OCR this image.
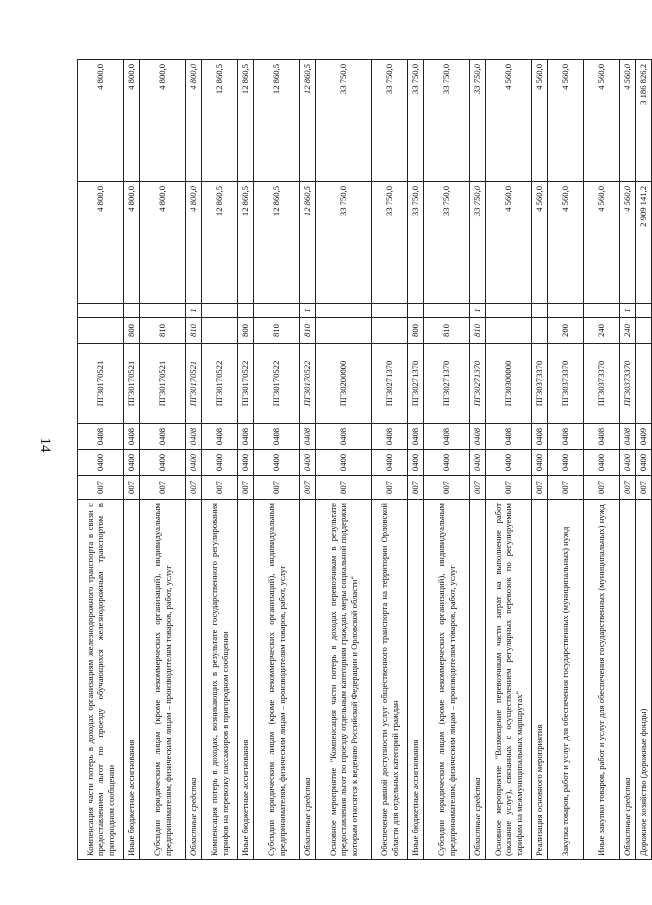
14
Компенсация части потерь в доходах организациям железнодорожного транспорта в связи с предоставлением льгот по проезду обучающихся железнодорожным транспортом в пригородном сообщении	007	0400	0408	ПГ30170521			4 800,0	4 800,0
Иные бюджетные ассигнования	007	0400	0408	ПГ30170521	800		4 800,0	4 800,0
Субсидии юридическим лицам (кроме некоммерческих организаций), индивидуальным предпринимателям, физическим лицам – производителям товаров, работ, услуг	007	0400	0408	ПГ30170521	810		4 800,0	4 800,0
Областные средства	007	0400	0408	ПГ30170521	810	1	4 800,0	4 800,0
Компенсация потерь в доходах, возникающих в результате государственного регулирования тарифов на перевозку пассажиров в пригородном сообщении	007	0400	0408	ПГ30170522			12 860,5	12 860,5
Иные бюджетные ассигнования	007	0400	0408	ПГ30170522	800		12 860,5	12 860,5
Субсидии юридическим лицам (кроме некоммерческих организаций), индивидуальным предпринимателям, физическим лицам – производителям товаров, работ, услуг	007	0400	0408	ПГ30170522	810		12 860,5	12 860,5
Областные средства	007	0400	0408	ПГ30170522	810	1	12 860,5	12 860,5
Основное мероприятие "Компенсация части потерь в доходах перевозчикам в результате предоставления льгот по проезду отдельным категориям граждан, меры социальной поддержки которым относятся к ведению Российской Федерации и Орловской области"	007	0400	0408	ПГ30200000			33 750,0	33 750,0
Обеспечение равной доступности услуг общественного транспорта на территории Орловской области для отдельных категорий граждан	007	0400	0408	ПГ30271370			33 750,0	33 750,0
Иные бюджетные ассигнования	007	0400	0408	ПГ30271370	800		33 750,0	33 750,0
Субсидии юридическим лицам (кроме некоммерческих организаций), индивидуальным предпринимателям, физическим лицам – производителям товаров, работ, услуг	007	0400	0408	ПГ30271370	810		33 750,0	33 750,0
Областные средства	007	0400	0408	ПГ30271370	810	1	33 750,0	33 750,0
Основное мероприятие "Возмещение перевозчикам части затрат на выполнение работ (оказание услуг), связанных с осуществлением регулярных перевозок по регулируемым тарифам на межмуниципальных маршрутах"	007	0400	0408	ПГ30300000			4 560,0	4 560,0
Реализация основного мероприятия	007	0400	0408	ПГ30373370			4 560,0	4 560,0
Закупка товаров, работ и услуг для обеспечения государственных (муниципальных) нужд	007	0400	0408	ПГ30373370	200		4 560,0	4 560,0
Иные закупки товаров, работ и услуг для обеспечения государственных (муниципальных) нужд	007	0400	0408	ПГ30373370	240		4 560,0	4 560,0
Областные средства	007	0400	0408	ПГ30373370	240	1	4 560,0	4 560,0
Дорожное хозяйство (дорожные фонды)	007	0400	0409				2 909 141,2	3 186 826,2
